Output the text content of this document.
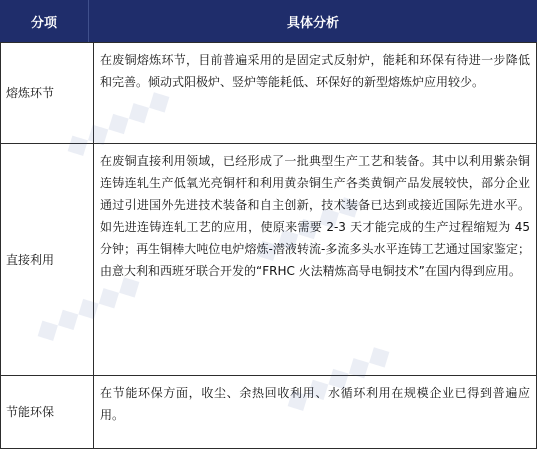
分项	具体分析
熔炼环节	在废铜熔炼环节，目前普遍采用的是固定式反射炉，能耗和环保有待进一步降低和完善。倾动式阳极炉、竖炉等能耗低、环保好的新型熔炼炉应用较少。
直接利用	在废铜直接利用领域，已经形成了一批典型生产工艺和装备。其中以利用紫杂铜连铸连轧生产低氧光亮铜杆和利用黄杂铜生产各类黄铜产品发展较快，部分企业通过引进国外先进技术装备和自主创新，技术装备已达到或接近国际先进水平。如先进连铸连轧工艺的应用，使原来需要 2-3 天才能完成的生产过程缩短为 45 分钟；再生铜棒大吨位电炉熔炼-潜液转流-多流多头水平连铸工艺通过国家鉴定；由意大利和西班牙联合开发的“FRHC 火法精炼高导电铜技术”在国内得到应用。
节能环保	在节能环保方面，收尘、余热回收利用、水循环利用在规模企业已得到普遍应用。
◆◆◆◆◆
◆◆◆◆◆
◆◆◆◆◆
◆◆◆◆◆
